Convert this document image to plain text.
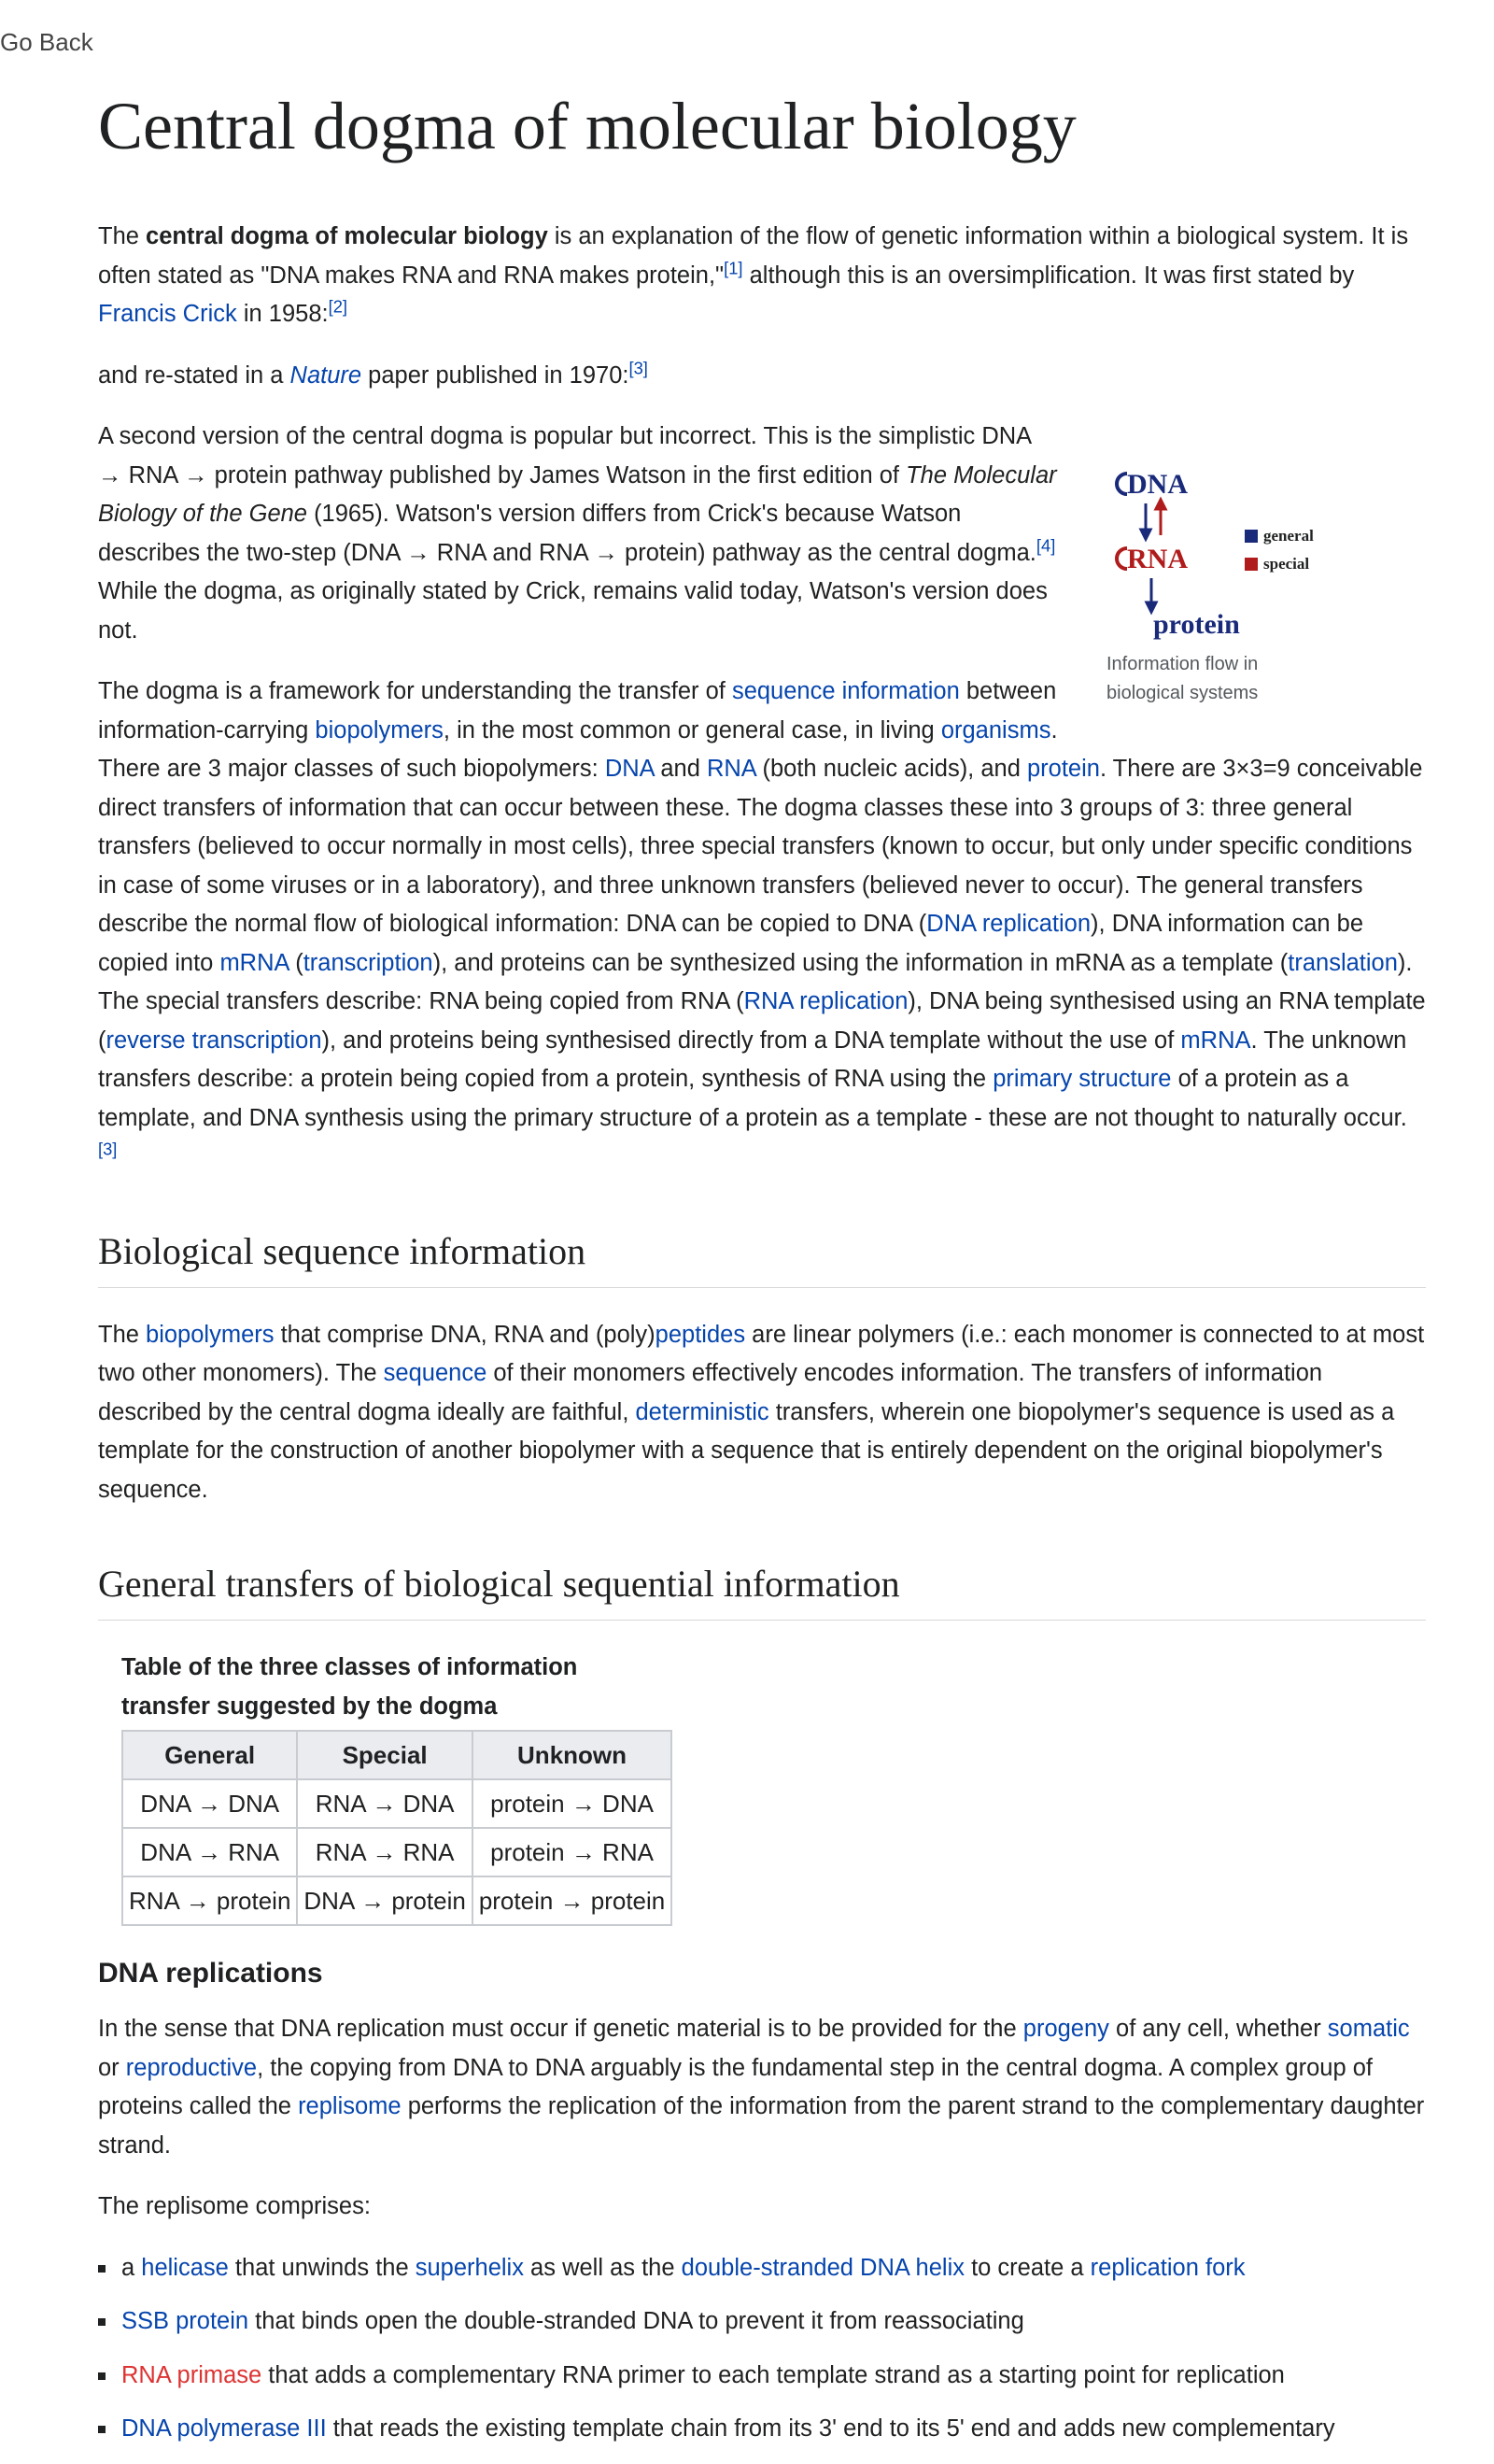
Go Back
Central dogma of molecular biology

The central dogma of molecular biology is an explanation of the flow of genetic information within a biological system. It is often stated as "DNA makes RNA and RNA makes protein,"[1] although this is an oversimplification. It was first stated by Francis Crick in 1958:[2]

and re-stated in a Nature paper published in 1970:[3]

DNA
RNA
protein
general
special
Information flow in biological systems

A second version of the central dogma is popular but incorrect. This is the simplistic DNA → RNA → protein pathway published by James Watson in the first edition of The Molecular Biology of the Gene (1965). Watson's version differs from Crick's because Watson describes the two-step (DNA → RNA and RNA → protein) pathway as the central dogma.[4] While the dogma, as originally stated by Crick, remains valid today, Watson's version does not.

The dogma is a framework for understanding the transfer of sequence information between information-carrying biopolymers, in the most common or general case, in living organisms. There are 3 major classes of such biopolymers: DNA and RNA (both nucleic acids), and protein. There are 3×3=9 conceivable direct transfers of information that can occur between these. The dogma classes these into 3 groups of 3: three general transfers (believed to occur normally in most cells), three special transfers (known to occur, but only under specific conditions in case of some viruses or in a laboratory), and three unknown transfers (believed never to occur). The general transfers describe the normal flow of biological information: DNA can be copied to DNA (DNA replication), DNA information can be copied into mRNA (transcription), and proteins can be synthesized using the information in mRNA as a template (translation). The special transfers describe: RNA being copied from RNA (RNA replication), DNA being synthesised using an RNA template (reverse transcription), and proteins being synthesised directly from a DNA template without the use of mRNA. The unknown transfers describe: a protein being copied from a protein, synthesis of RNA using the primary structure of a protein as a template, and DNA synthesis using the primary structure of a protein as a template - these are not thought to naturally occur.[3]

Biological sequence information

The biopolymers that comprise DNA, RNA and (poly)peptides are linear polymers (i.e.: each monomer is connected to at most two other monomers). The sequence of their monomers effectively encodes information. The transfers of information described by the central dogma ideally are faithful, deterministic transfers, wherein one biopolymer's sequence is used as a template for the construction of another biopolymer with a sequence that is entirely dependent on the original biopolymer's sequence.

General transfers of biological sequential information
Table of the three classes of information transfer suggested by the dogma
General	Special	Unknown
DNA → DNA	RNA → DNA	protein → DNA
DNA → RNA	RNA → RNA	protein → RNA
RNA → protein	DNA → protein	protein → protein
DNA replications

In the sense that DNA replication must occur if genetic material is to be provided for the progeny of any cell, whether somatic or reproductive, the copying from DNA to DNA arguably is the fundamental step in the central dogma. A complex group of proteins called the replisome performs the replication of the information from the parent strand to the complementary daughter strand.

The replisome comprises:

a helicase that unwinds the superhelix as well as the double-stranded DNA helix to create a replication fork
SSB protein that binds open the double-stranded DNA to prevent it from reassociating
RNA primase that adds a complementary RNA primer to each template strand as a starting point for replication
DNA polymerase III that reads the existing template chain from its 3' end to its 5' end and adds new complementary
